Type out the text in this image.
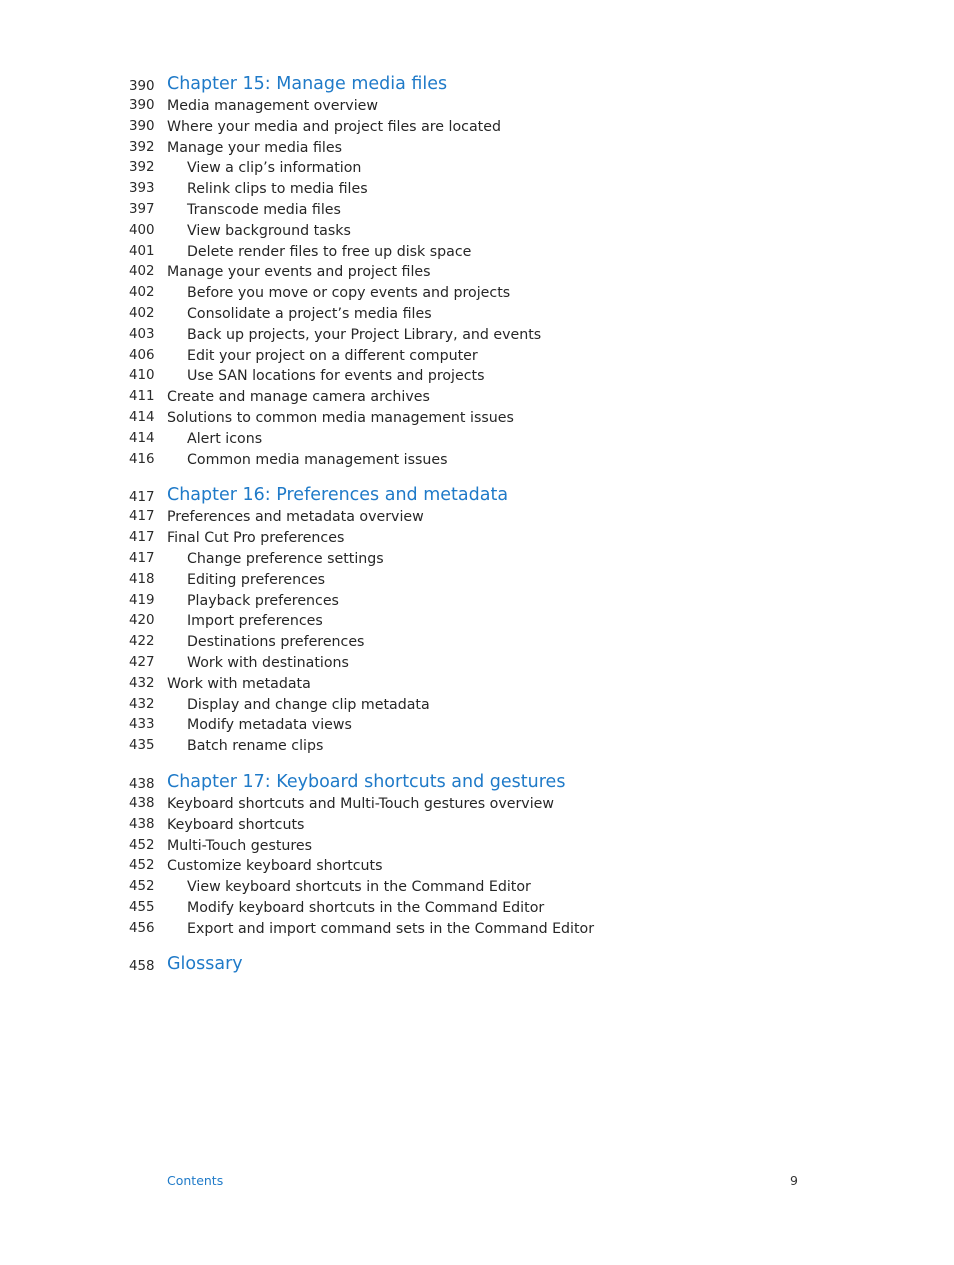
390 Chapter 15: Manage media files
390 Media management overview
390 Where your media and project files are located
392 Manage your media files
392	View a clip’s information
393	Relink clips to media files
397	Transcode media files
400	View background tasks
401	Delete render files to free up disk space
402 Manage your events and project files
402	Before you move or copy events and projects
402	Consolidate a project’s media files
403	Back up projects, your Project Library, and events
406	Edit your project on a different computer
410	Use SAN locations for events and projects
411 Create and manage camera archives
414 Solutions to common media management issues
414	Alert icons
416	Common media management issues
417 Chapter 16: Preferences and metadata
417 Preferences and metadata overview
417 Final Cut Pro preferences
417	Change preference settings
418	Editing preferences
419	Playback preferences
420	Import preferences
422	Destinations preferences
427	Work with destinations
432 Work with metadata
432	Display and change clip metadata
433	Modify metadata views
435	Batch rename clips
438 Chapter 17: Keyboard shortcuts and gestures
438 Keyboard shortcuts and Multi-Touch gestures overview
438 Keyboard shortcuts
452 Multi-Touch gestures
452 Customize keyboard shortcuts
452	View keyboard shortcuts in the Command Editor
455	Modify keyboard shortcuts in the Command Editor
456	Export and import command sets in the Command Editor
458 Glossary
Contents	9
